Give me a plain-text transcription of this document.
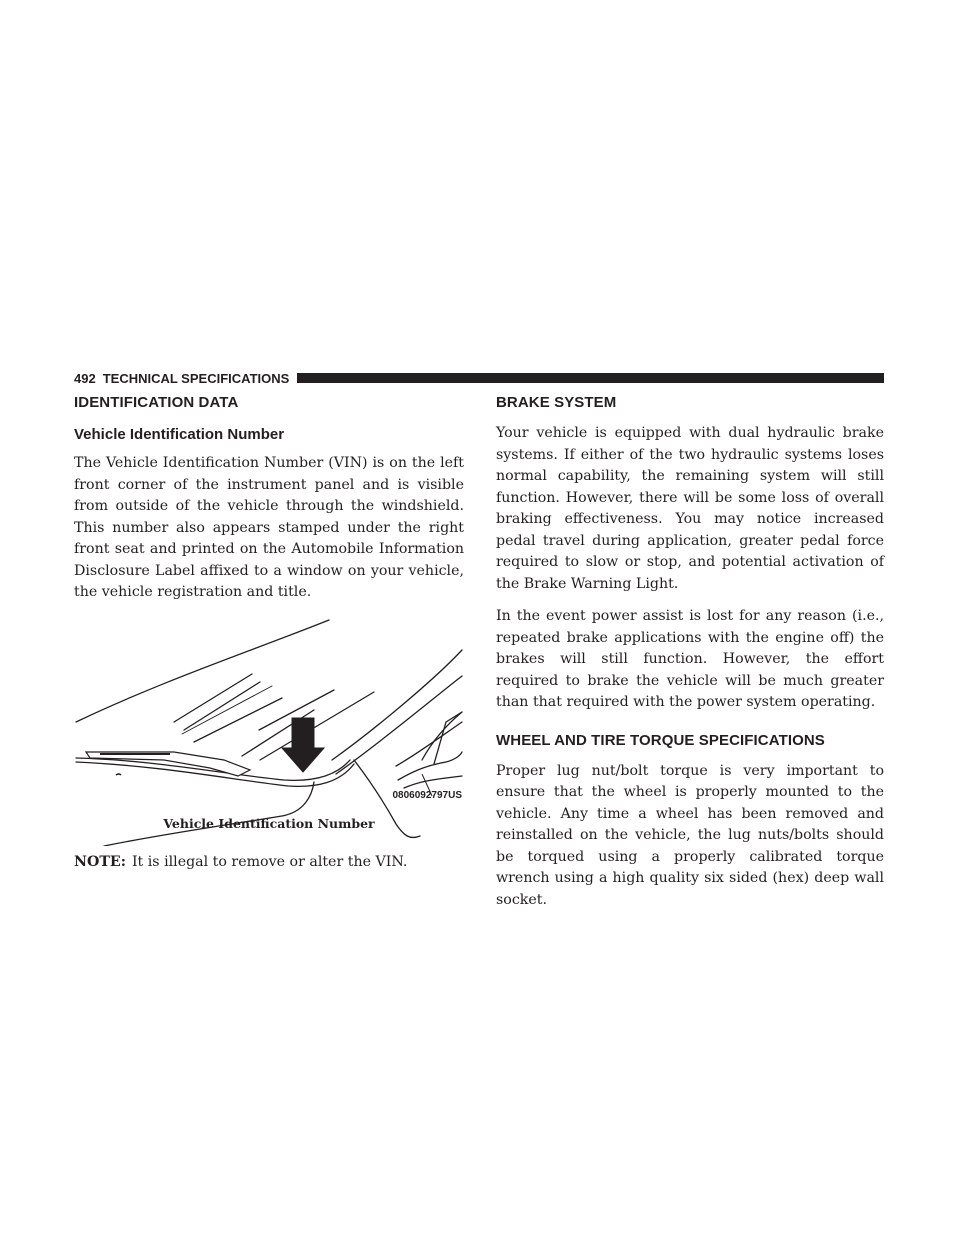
492 TECHNICAL SPECIFICATIONS
IDENTIFICATION DATA
Vehicle Identification Number

The Vehicle Identification Number (VIN) is on the left front corner of the instrument panel and is visible from outside of the vehicle through the windshield. This number also appears stamped under the right front seat and printed on the Automobile Information Disclosure Label affixed to a window on your vehicle, the vehicle registration and title.

0806092797US
Vehicle Identification Number

NOTE: It is illegal to remove or alter the VIN.

BRAKE SYSTEM

Your vehicle is equipped with dual hydraulic brake systems. If either of the two hydraulic systems loses normal capability, the remaining system will still function. However, there will be some loss of overall braking effectiveness. You may notice increased pedal travel during application, greater pedal force required to slow or stop, and potential activation of the Brake Warning Light.

In the event power assist is lost for any reason (i.e., repeated brake applications with the engine off) the brakes will still function. However, the effort required to brake the vehicle will be much greater than that required with the power system operating.

WHEEL AND TIRE TORQUE SPECIFICATIONS

Proper lug nut/bolt torque is very important to ensure that the wheel is properly mounted to the vehicle. Any time a wheel has been removed and reinstalled on the vehicle, the lug nuts/bolts should be torqued using a properly calibrated torque wrench using a high quality six sided (hex) deep wall socket.
